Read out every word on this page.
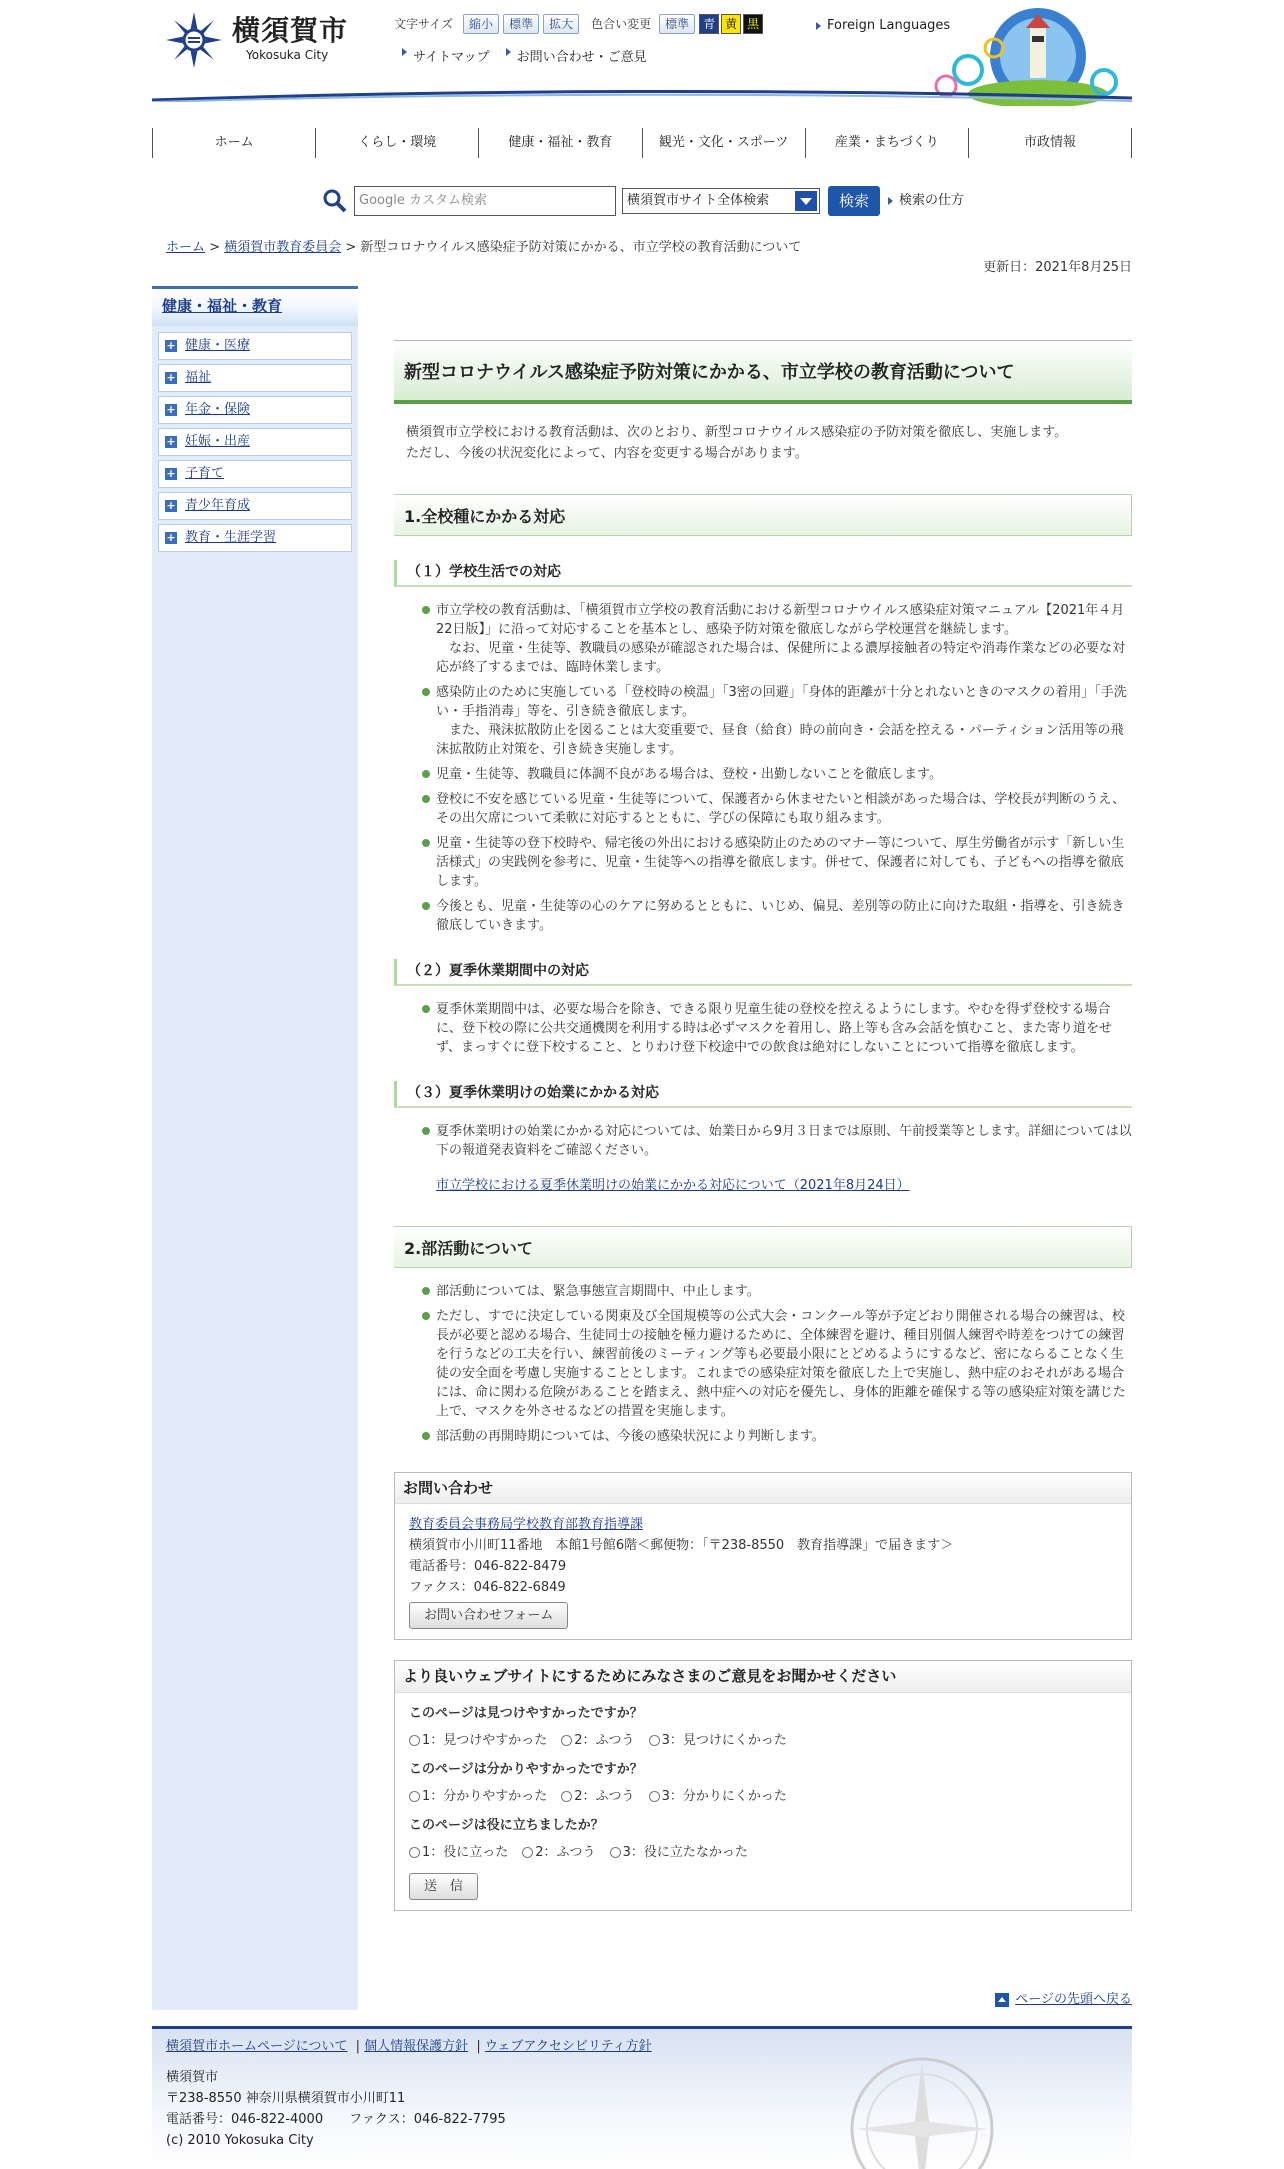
横須賀市
Yokosuka City
文字サイズ	縮小	標準	拡大	色合い変更	標準	青 黄 黒	Foreign Languages
サイトマップ お問い合わせ・ご意見
ホーム	くらし・環境	健康・福祉・教育	観光・文化・スポーツ	産業・まちづくり	市政情報
Google カスタム検索	横須賀市サイト全体検索	検索	検索の仕方
ホーム > 横須賀市教育委員会 > 新型コロナウイルス感染症予防対策にかかる、市立学校の教育活動について
更新日：2021年8月25日
健康・福祉・教育
+ 健康・医療
+ 福祉
+ 年金・保険
+ 妊娠・出産
+ 子育て
+ 青少年育成
+ 教育・生涯学習
新型コロナウイルス感染症予防対策にかかる、市立学校の教育活動について
横須賀市立学校における教育活動は、次のとおり、新型コロナウイルス感染症の予防対策を徹底し、実施します。
ただし、今後の状況変化によって、内容を変更する場合があります。
1.全校種にかかる対応
（１）学校生活での対応
市立学校の教育活動は、「横須賀市立学校の教育活動における新型コロナウイルス感染症対策マニュアル【2021年４月22日版】」に沿って対応することを基本とし、感染予防対策を徹底しながら学校運営を継続します。
なお、児童・生徒等、教職員の感染が確認された場合は、保健所による濃厚接触者の特定や消毒作業などの必要な対応が終了するまでは、臨時休業します。
感染防止のために実施している「登校時の検温」「3密の回避」「身体的距離が十分とれないときのマスクの着用」「手洗い・手指消毒」等を、引き続き徹底します。
また、飛沫拡散防止を図ることは大変重要で、昼食（給食）時の前向き・会話を控える・パーティション活用等の飛沫拡散防止対策を、引き続き実施します。
児童・生徒等、教職員に体調不良がある場合は、登校・出勤しないことを徹底します。
登校に不安を感じている児童・生徒等について、保護者から休ませたいと相談があった場合は、学校長が判断のうえ、その出欠席について柔軟に対応するとともに、学びの保障にも取り組みます。
児童・生徒等の登下校時や、帰宅後の外出における感染防止のためのマナー等について、厚生労働省が示す「新しい生活様式」の実践例を参考に、児童・生徒等への指導を徹底します。併せて、保護者に対しても、子どもへの指導を徹底します。
今後とも、児童・生徒等の心のケアに努めるとともに、いじめ、偏見、差別等の防止に向けた取組・指導を、引き続き徹底していきます。
（２）夏季休業期間中の対応
夏季休業期間中は、必要な場合を除き、できる限り児童生徒の登校を控えるようにします。やむを得ず登校する場合に、登下校の際に公共交通機関を利用する時は必ずマスクを着用し、路上等も含み会話を慎むこと、また寄り道をせず、まっすぐに登下校すること、とりわけ登下校途中での飲食は絶対にしないことについて指導を徹底します。
（３）夏季休業明けの始業にかかる対応
夏季休業明けの始業にかかる対応については、始業日から9月３日までは原則、午前授業等とします。詳細については以下の報道発表資料をご確認ください。
市立学校における夏季休業明けの始業にかかる対応について（2021年8月24日）
2.部活動について
部活動については、緊急事態宣言期間中、中止します。
ただし、すでに決定している関東及び全国規模等の公式大会・コンクール等が予定どおり開催される場合の練習は、校長が必要と認める場合、生徒同士の接触を極力避けるために、全体練習を避け、種目別個人練習や時差をつけての練習を行うなどの工夫を行い、練習前後のミーティング等も必要最小限にとどめるようにするなど、密にならることなく生徒の安全面を考慮し実施することとします。これまでの感染症対策を徹底した上で実施し、熱中症のおそれがある場合には、命に関わる危険があることを踏まえ、熱中症への対応を優先し、身体的距離を確保する等の感染症対策を講じた上で、マスクを外させるなどの措置を実施します。
部活動の再開時期については、今後の感染状況により判断します。
お問い合わせ
教育委員会事務局学校教育部教育指導課
横須賀市小川町11番地　本館1号館6階＜郵便物：「〒238-8550　教育指導課」で届きます＞
電話番号：046-822-8479
ファクス：046-822-6849
お問い合わせフォーム
より良いウェブサイトにするためにみなさまのご意見をお聞かせください
このページは見つけやすかったですか？
1：見つけやすかった 2：ふつう 3：見つけにくかった
このページは分かりやすかったですか？
1：分かりやすかった 2：ふつう 3：分かりにくかった
このページは役に立ちましたか？
1：役に立った 2：ふつう 3：役に立たなかった
送　信
ページの先頭へ戻る
横須賀市ホームページについて | 個人情報保護方針 | ウェブアクセシビリティ方針
横須賀市
〒238-8550 神奈川県横須賀市小川町11
電話番号：046-822-4000　　ファクス：046-822-7795
(c) 2010 Yokosuka City
